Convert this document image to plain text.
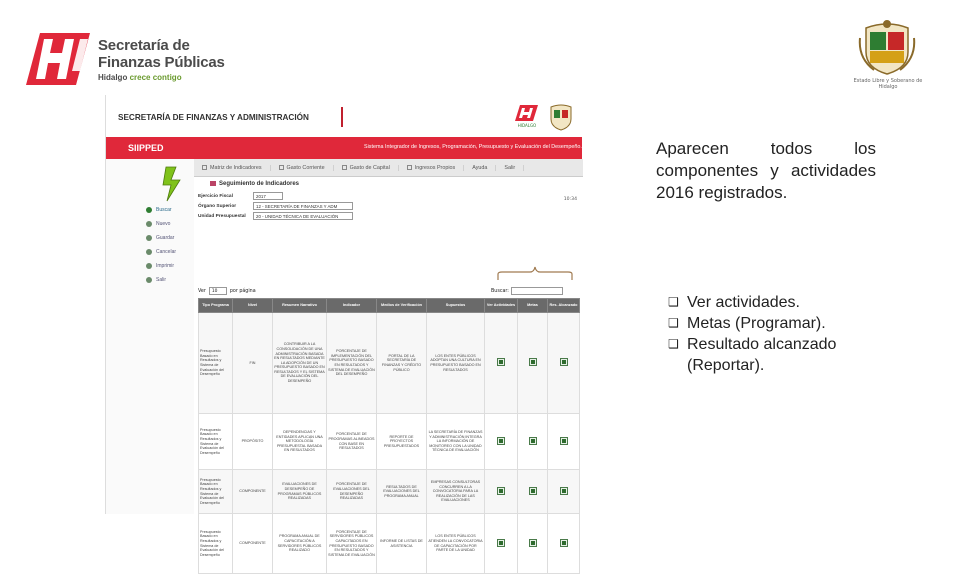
Secretaría de
Finanzas Públicas
Hidalgo crece contigo	Estado Libre y Soberano de Hidalgo
SECRETARÍA DE FINANZAS Y ADMINISTRACIÓN
HIDALGO
SIIPPED	Sistema Integrador de Ingresos, Programación, Presupuesto y Evaluación del Desempeño.
Buscar
Nuevo
Guardar
Cancelar
Imprimir
Salir
Matriz de Indicadores	Gasto Corriente	Gasto de Capital	Ingresos Propios	Ayuda	Salir
10:34
Seguimiento de Indicadores
Ejercicio Fiscal	2017
Órgano Superior	12 - SECRETARÍA DE FINANZAS Y ADM
Unidad Presupuestal	20 - UNIDAD TÉCNICA DE EVALUACIÓN
Ver	10	por página	Buscar:
Tipo Programa	Nivel	Resumen Narrativo	Indicador	Medios de Verificación	Supuestos	Ver Actividades	Metas	Res. Alcanzado
Presupuesto Basado en Resultados y Sistema de Evaluación del Desempeño	FIN	CONTRIBUIR A LA CONSOLIDACIÓN DE UNA ADMINISTRACIÓN BASADA EN RESULTADOS MEDIANTE LA ADOPCIÓN DE UN PRESUPUESTO BASADO EN RESULTADOS Y EL SISTEMA DE EVALUACIÓN DEL DESEMPEÑO	PORCENTAJE DE IMPLEMENTACIÓN DEL PRESUPUESTO BASADO EN RESULTADOS Y SISTEMA DE EVALUACIÓN DEL DESEMPEÑO	PORTAL DE LA SECRETARÍA DE FINANZAS Y CRÉDITO PÚBLICO	LOS ENTES PÚBLICOS ADOPTAN UNA CULTURA EN PRESUPUESTO BASADO EN RESULTADOS			
Presupuesto Basado en Resultados y Sistema de Evaluación del Desempeño	PROPÓSITO	DEPENDENCIAS Y ENTIDADES APLICAN UNA METODOLOGÍA PRESUPUESTAL BASADA EN RESULTADOS	PORCENTAJE DE PROGRAMAS ALINEADOS CON BASE EN RESULTADOS	REPORTE DE PROYECTOS PRESUPUESTADOS	LA SECRETARÍA DE FINANZAS Y ADMINISTRACIÓN INTEGRA LA INFORMACIÓN DE MONITOREO CON LA UNIDAD TÉCNICA DE EVALUACIÓN			
Presupuesto Basado en Resultados y Sistema de Evaluación del Desempeño	COMPONENTE	EVALUACIONES DE DESEMPEÑO DE PROGRAMAS PÚBLICOS REALIZADAS	PORCENTAJE DE EVALUACIONES DEL DESEMPEÑO REALIZADAS	RESULTADOS DE EVALUACIONES DEL PROGRAMA ANUAL	EMPRESAS CONSULTORAS CONCURREN A LA CONVOCATORIA PARA LA REALIZACIÓN DE LAS EVALUACIONES			
Presupuesto Basado en Resultados y Sistema de Evaluación del Desempeño	COMPONENTE	PROGRAMA ANUAL DE CAPACITACIÓN A SERVIDORES PÚBLICOS REALIZADO	PORCENTAJE DE SERVIDORES PÚBLICOS CAPACITADOS EN PRESUPUESTO BASADO EN RESULTADOS Y SISTEMA DE EVALUACIÓN	INFORME DE LISTAS DE ASISTENCIA	LOS ENTES PÚBLICOS ATIENDEN LA CONVOCATORIA DE CAPACITACIÓN POR PARTE DE LA UNIDAD			
Aparecen todos los componentes y actividades 2016 registrados.
❑ Ver actividades.
❑ Metas (Programar).
❑ Resultado alcanzado (Reportar).
